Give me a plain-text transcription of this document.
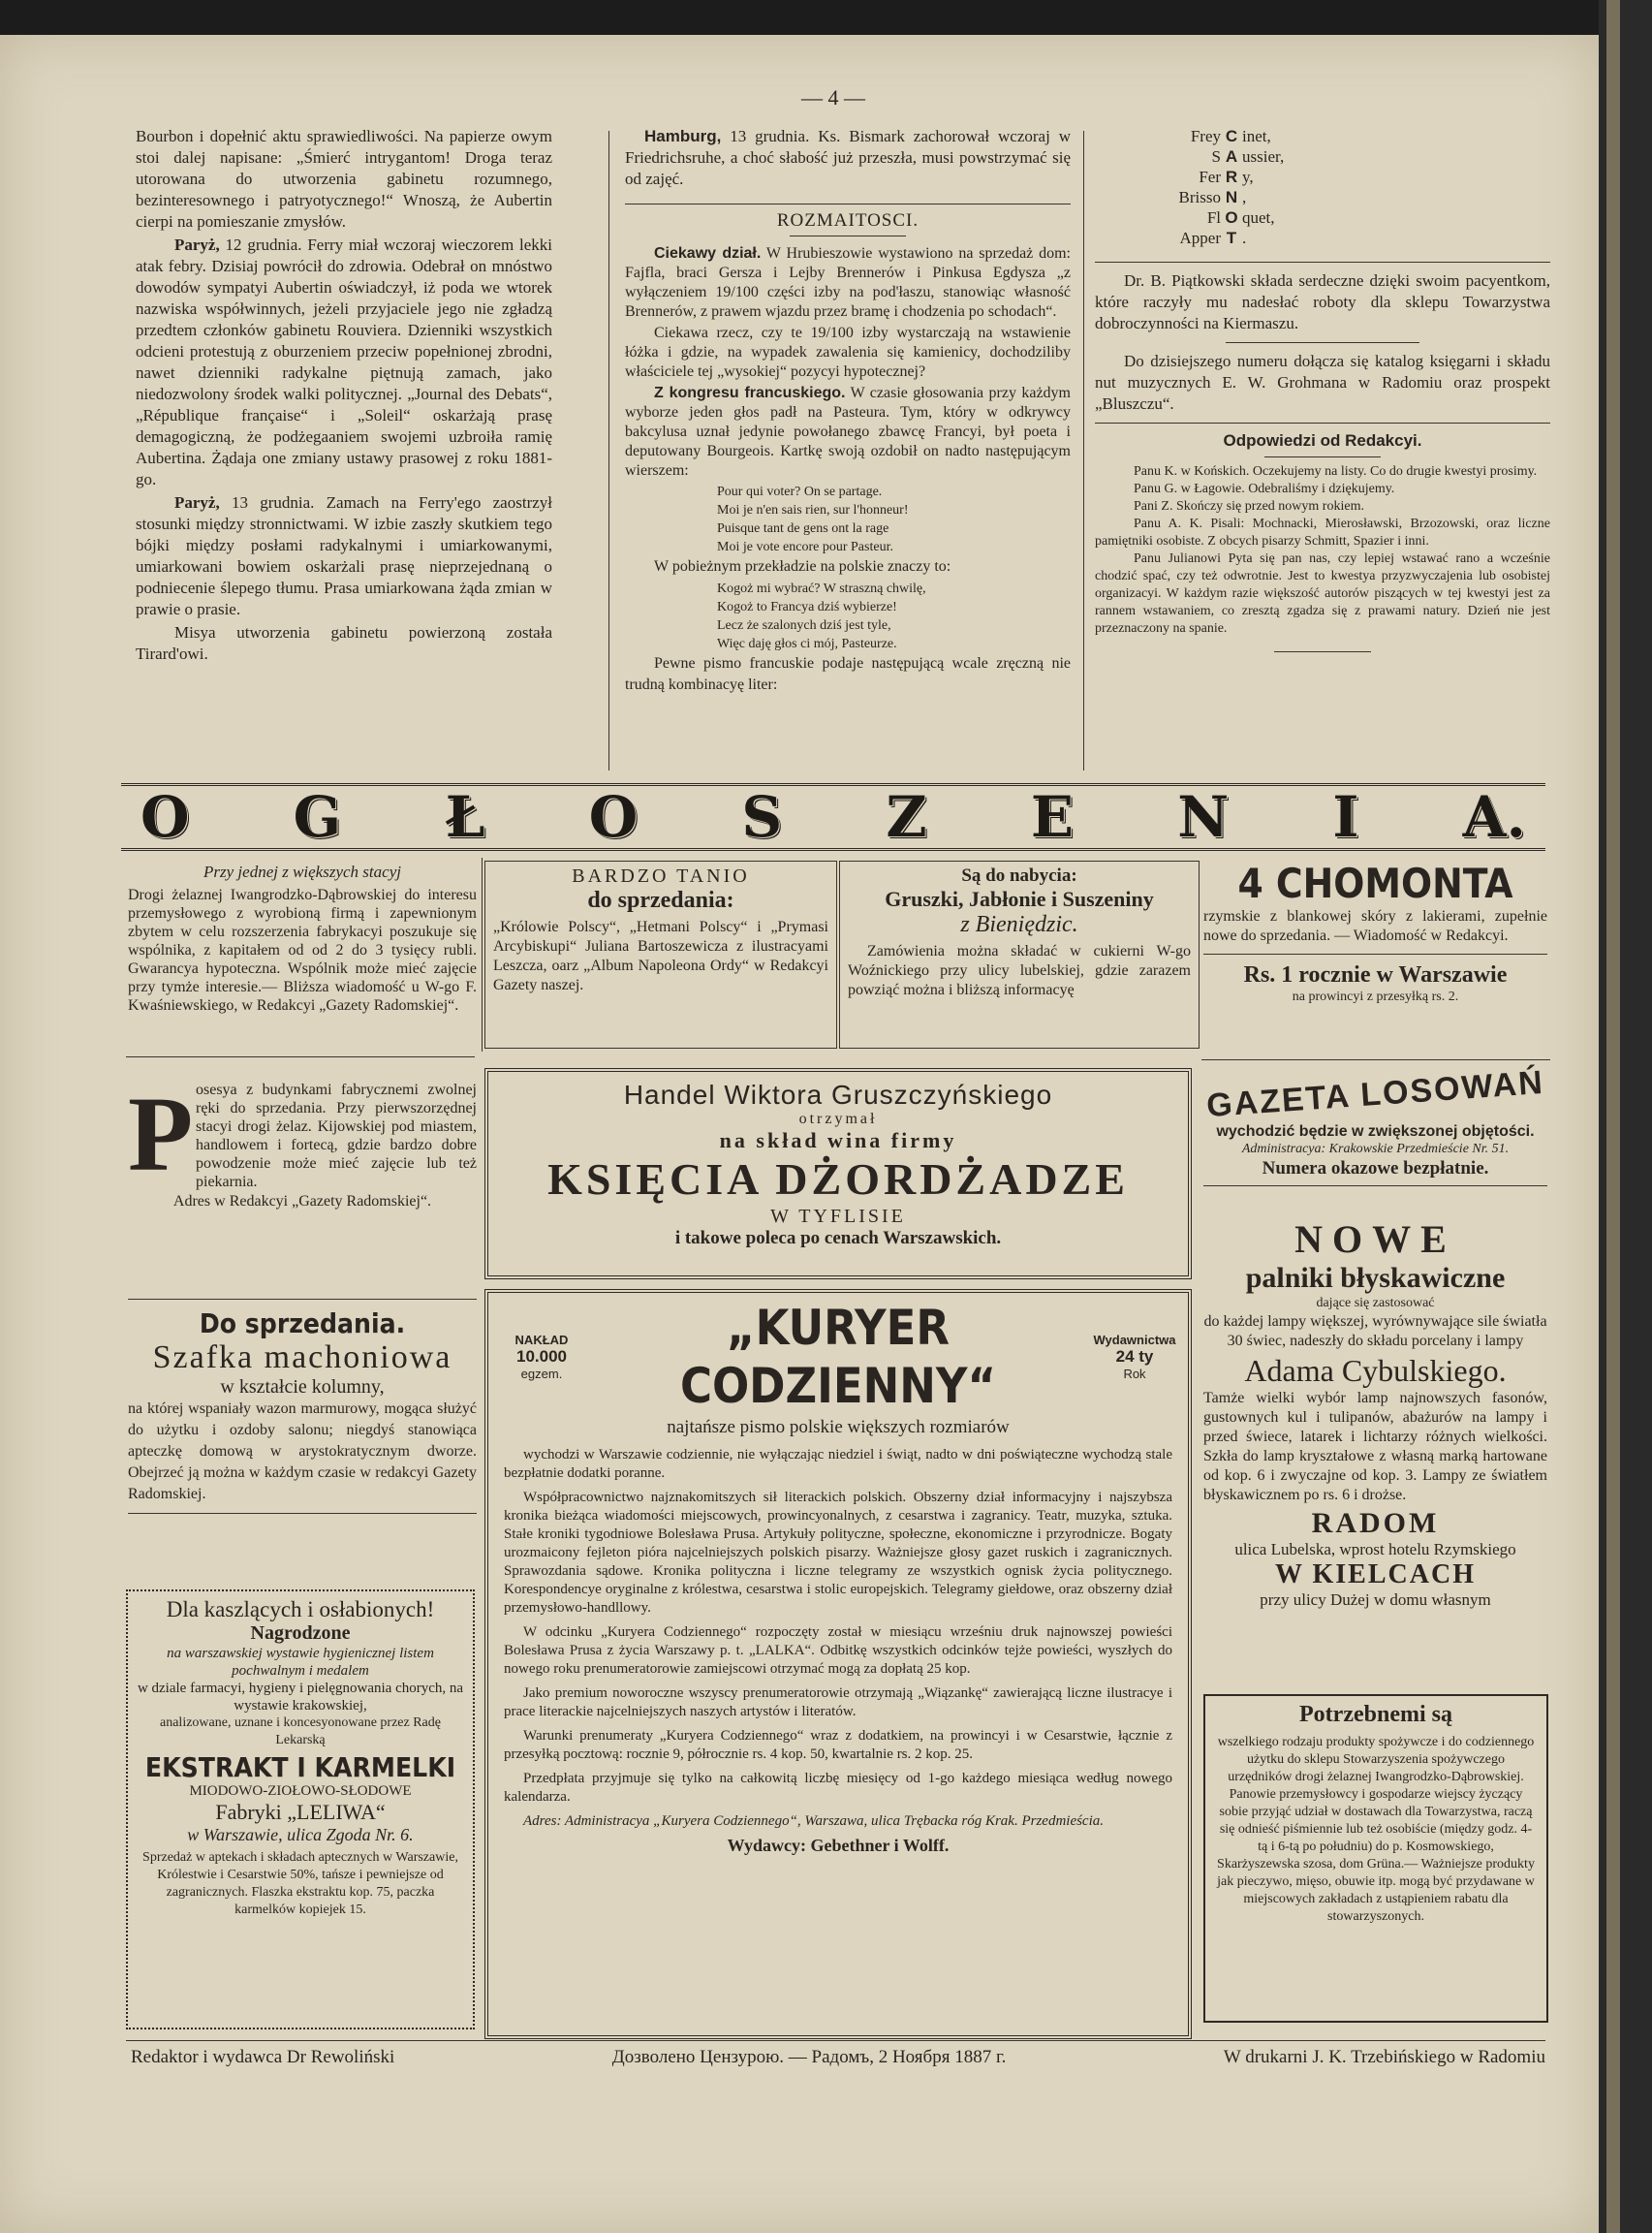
— 4 —

Bourbon i dopełnić aktu sprawiedliwości. Na papierze owym stoi dalej napisane: „Śmierć intrygantom! Droga teraz utorowana do utworzenia gabinetu rozumnego, bezinteresownego i patryotycznego!“ Wnoszą, że Aubertin cierpi na pomieszanie zmysłów.

Paryż, 12 grudnia. Ferry miał wczoraj wieczorem lekki atak febry. Dzisiaj powrócił do zdrowia. Odebrał on mnóstwo dowodów sympatyi Aubertin oświadczył, iż poda we wtorek nazwiska współwinnych, jeżeli przyjaciele jego nie zgładzą przedtem członków gabinetu Rouviera. Dzienniki wszystkich odcieni protestują z oburzeniem przeciw popełnionej zbrodni, nawet dzienniki radykalne piętnują zamach, jako niedozwolony środek walki politycznej. „Journal des Debats“, „République française“ i „Soleil“ oskarżają prasę demagogiczną, że podżegaaniem swojemi uzbroiła ramię Aubertina. Żądaja one zmiany ustawy prasowej z roku 1881-go.

Paryż, 13 grudnia. Zamach na Ferry'ego zaostrzył stosunki między stronnictwami. W izbie zaszły skutkiem tego bójki między posłami radykalnymi i umiarkowanymi, umiarkowani bowiem oskarżali prasę nieprzejednaną o podniecenie ślepego tłumu. Prasa umiarkowana żąda zmian w prawie o prasie.

Misya utworzenia gabinetu powierzoną została Tirard'owi.

Hamburg, 13 grudnia. Ks. Bismark zachorował wczoraj w Friedrichsruhe, a choć słabość już przeszła, musi powstrzymać się od zajęć.

ROZMAITOSCI.

Ciekawy dział. W Hrubieszowie wystawiono na sprzedaż dom: Fajfla, braci Gersza i Lejby Brennerów i Pinkusa Egdysza „z wyłączeniem 19/100 części izby na pod'łaszu, stanowiąc własność Brennerów, z prawem wjazdu przez bramę i chodzenia po schodach“.

Ciekawa rzecz, czy te 19/100 izby wystarczają na wstawienie łóżka i gdzie, na wypadek zawalenia się kamienicy, dochodziliby właściciele tej „wysokiej“ pozycyi hypotecznej?

Z kongresu francuskiego. W czasie głosowania przy każdym wyborze jeden głos padł na Pasteura. Tym, który w odkrywcy bakcylusa uznał jedynie powołanego zbawcę Francyi, był poeta i deputowany Bourgeois. Kartkę swoją ozdobił on nadto następującym wierszem:

Pour qui voter? On se partage.
Moi je n'en sais rien, sur l'honneur!
Puisque tant de gens ont la rage
Moi je vote encore pour Pasteur.

W pobieżnym przekładzie na polskie znaczy to:

Kogoż mi wybrać? W straszną chwilę,
Kogoż to Francya dziś wybierze!
Lecz że szalonych dziś jest tyle,
Więc daję głos ci mój, Pasteurze.

Pewne pismo francuskie podaje następującą wcale zręczną nie trudną kombinacyę liter:

Frey C inet,
S A ussier,
Fer R y,
Brisso N ,
Fl O quet,
Apper T .

Dr. B. Piątkowski składa serdeczne dzięki swoim pacyentkom, które raczyły mu nadesłać roboty dla sklepu Towarzystwa dobroczynności na Kiermaszu.

Do dzisiejszego numeru dołącza się katalog księgarni i składu nut muzycznych E. W. Grohmana w Radomiu oraz prospekt „Bluszczu“.

Odpowiedzi od Redakcyi.
Panu K. w Końskich. Oczekujemy na listy. Co do drugie kwestyi prosimy.
Panu G. w Łagowie. Odebraliśmy i dziękujemy.
Pani Z. Skończy się przed nowym rokiem.
Panu A. K. Pisali: Mochnacki, Mierosławski, Brzozowski, oraz liczne pamiętniki osobiste. Z obcych pisarzy Schmitt, Spazier i inni.
Panu Julianowi Pyta się pan nas, czy lepiej wstawać rano a wcześnie chodzić spać, czy też odwrotnie. Jest to kwestya przyzwyczajenia lub osobistej organizacyi. W każdym razie większość autorów piszących w tej kwestyi jest za rannem wstawaniem, co zresztą zgadza się z prawami natury. Dzień nie jest przeznaczony na spanie.
O G Ł O S Z E N I A.
Przy jednej z większych stacyj

Drogi żelaznej Iwangrodzko-Dąbrowskiej do interesu przemysłowego z wyrobioną firmą i zapewnionym zbytem w celu rozszerzenia fabrykacyi poszukuje się wspólnika, z kapitałem od od 2 do 3 tysięcy rubli. Gwarancya hypoteczna. Wspólnik może mieć zajęcie przy tymże interesie.— Bliższa wiadomość u W-go F. Kwaśniewskiego, w Redakcyi „Gazety Radomskiej“.

BARDZO TANIO
do sprzedania:

„Królowie Polscy“, „Hetmani Polscy“ i „Prymasi Arcybiskupi“ Juliana Bartoszewicza z ilustracyami Leszcza, oarz „Album Napoleona Ordy“ w Redakcyi Gazety naszej.

Są do nabycia:
Gruszki, Jabłonie i Suszeniny
z Bieniędzic.

Zamówienia można składać w cukierni W-go Woźnickiego przy ulicy lubelskiej, gdzie zarazem powziąć można i bliższą informacyę

4 CHOMONTA

rzymskie z blankowej skóry z lakierami, zupełnie nowe do sprzedania. — Wiadomość w Redakcyi.

Rs. 1 rocznie w Warszawie
na prowincyi z przesyłką rs. 2.
P osesya z budynkami fabrycznemi zwolnej ręki do sprzedania. Przy pierwszorzędnej stacyi drogi żelaz. Kijowskiej pod miastem, handlowem i fortecą, gdzie bardzo dobre powodzenie może mieć zajęcie lub też piekarnia.

Adres w Redakcyi „Gazety Radomskiej“.
Handel Wiktora Gruszczyńskiego
otrzymał
na skład wina firmy
KSIĘCIA DŻORDŻADZE
W TYFLISIE
i takowe poleca po cenach Warszawskich.
GAZETA LOSOWAŃ
wychodzić będzie w zwiększonej objętości.
Administracya: Krakowskie Przedmieście Nr. 51.
Numera okazowe bezpłatnie.
Do sprzedania.
Szafka machoniowa
w kształcie kolumny,

na której wspaniały wazon marmurowy, mogąca służyć do użytku i ozdoby salonu; niegdyś stanowiąca apteczkę domową w arystokratycznym dworze. Obejrzeć ją można w każdym czasie w redakcyi Gazety Radomskiej.

Dla kaszlących i osłabionych!
Nagrodzone
na warszawskiej wystawie hygienicznej listem pochwalnym i medalem
w dziale farmacyi, hygieny i pielęgnowania chorych, na wystawie krakowskiej,
analizowane, uznane i koncesyonowane przez Radę Lekarską
EKSTRAKT I KARMELKI
MIODOWO-ZIOŁOWO-SŁODOWE
Fabryki „LELIWA“
w Warszawie, ulica Zgoda Nr. 6.
Sprzedaż w aptekach i składach aptecznych w Warszawie, Królestwie i Cesarstwie 50%, tańsze i pewniejsze od zagranicznych. Flaszka ekstraktu kop. 75, paczka karmelków kopiejek 15.
NAKŁAD
10.000
egzem.
„KURYER CODZIENNY“
Wydawnictwa
24 ty
Rok
najtańsze pismo polskie większych rozmiarów

wychodzi w Warszawie codziennie, nie wyłączając niedziel i świąt, nadto w dni poświąteczne wychodzą stale bezpłatnie dodatki poranne.

Współpracownictwo najznakomitszych sił literackich polskich. Obszerny dział informacyjny i najszybsza kronika bieżąca wiadomości miejscowych, prowincyonalnych, z cesarstwa i zagranicy. Teatr, muzyka, sztuka. Stałe kroniki tygodniowe Bolesława Prusa. Artykuły polityczne, społeczne, ekonomiczne i przyrodnicze. Bogaty urozmaicony fejleton pióra najcelniejszych polskich pisarzy. Ważniejsze głosy gazet ruskich i zagranicznych. Sprawozdania sądowe. Kronika polityczna i liczne telegramy ze wszystkich ognisk życia politycznego. Korespondencye oryginalne z królestwa, cesarstwa i stolic europejskich. Telegramy giełdowe, oraz obszerny dział przemysłowo-handllowy.

W odcinku „Kuryera Codziennego“ rozpoczęty został w miesiącu wrześniu druk najnowszej powieści Bolesława Prusa z życia Warszawy p. t. „LALKA“. Odbitkę wszystkich odcinków tejże powieści, wyszłych do nowego roku prenumeratorowie zamiejscowi otrzymać mogą za dopłatą 25 kop.

Jako premium noworoczne wszyscy prenumeratorowie otrzymają „Wiązankę“ zawierającą liczne ilustracye i prace literackie najcelniejszych naszych artystów i literatów.

Warunki prenumeraty „Kuryera Codziennego“ wraz z dodatkiem, na prowincyi i w Cesarstwie, łącznie z przesyłką pocztową: rocznie 9, półrocznie rs. 4 kop. 50, kwartalnie rs. 2 kop. 25.

Przedpłata przyjmuje się tylko na całkowitą liczbę miesięcy od 1-go każdego miesiąca według nowego kalendarza.

Adres: Administracya „Kuryera Codziennego“, Warszawa, ulica Trębacka róg Krak. Przedmieścia.

Wydawcy: Gebethner i Wolff.

NOWE
palniki błyskawiczne
dające się zastosować

do każdej lampy większej, wyrównywające sile światła 30 świec, nadeszły do składu porcelany i lampy

Adama Cybulskiego.

Tamże wielki wybór lamp najnowszych fasonów, gustownych kul i tulipanów, abażurów na lampy i przed świece, latarek i lichtarzy różnych wielkości. Szkła do lamp kryształowe z własną marką hartowane od kop. 6 i zwyczajne od kop. 3. Lampy ze światłem błyskawicznem po rs. 6 i drożse.

RADOM
ulica Lubelska, wprost hotelu Rzymskiego
W KIELCACH
przy ulicy Dużej w domu własnym
Potrzebnemi są

wszelkiego rodzaju produkty spożywcze i do codziennego użytku do sklepu Stowarzyszenia spożywczego urzędników drogi żelaznej Iwangrodzko-Dąbrowskiej. Panowie przemysłowcy i gospodarze wiejscy życzący sobie przyjąć udział w dostawach dla Towarzystwa, raczą się odnieść piśmiennie lub też osobiście (między godz. 4-tą i 6-tą po południu) do p. Kosmowskiego, Skarżyszewska szosa, dom Grüna.— Ważniejsze produkty jak pieczywo, mięso, obuwie itp. mogą być przydawane w miejscowych zakładach z ustąpieniem rabatu dla stowarzyszonych.

Redaktor i wydawca Dr Rewoliński	Дозволено Цензурою. — Радомъ, 2 Ноября 1887 г.	W drukarni J. K. Trzebińskiego w Radomiu
